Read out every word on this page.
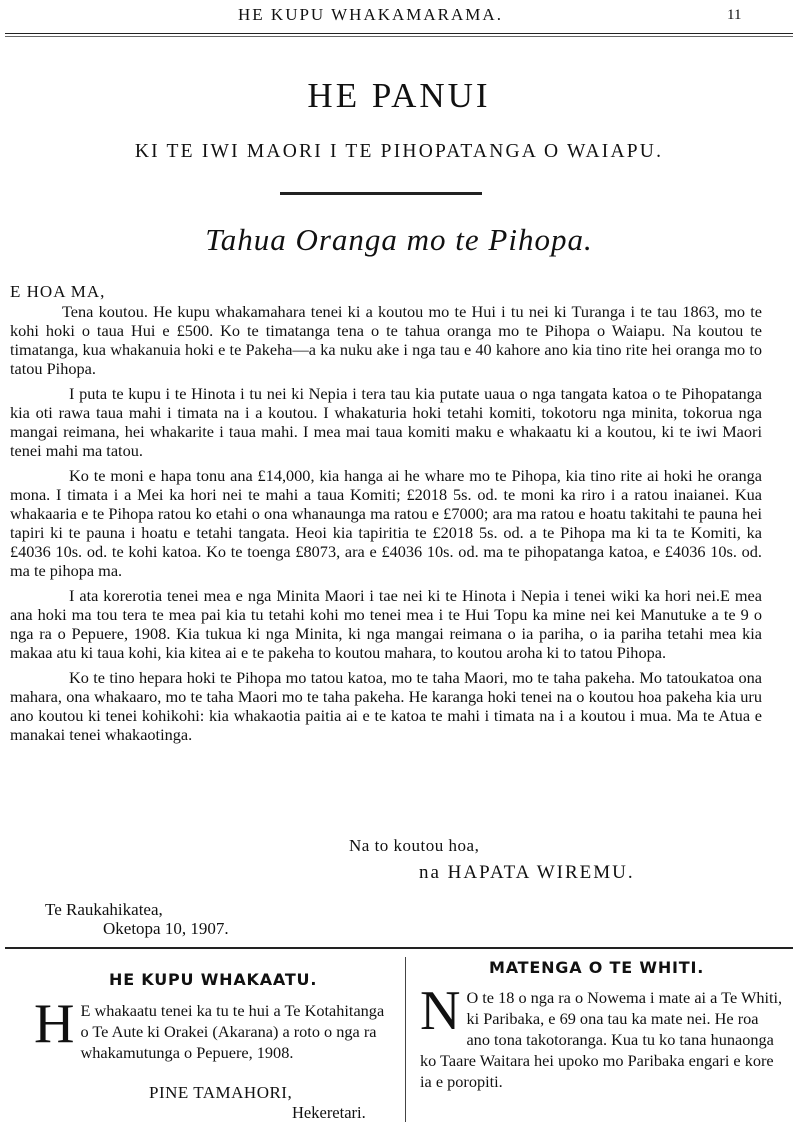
HE KUPU WHAKAMARAMA.	11
HE PANUI
KI TE IWI MAORI I TE PIHOPATANGA O WAIAPU.
Tahua Oranga mo te Pihopa.
E HOA MA,

Tena koutou. He kupu whakamahara tenei ki a koutou mo te Hui i tu nei ki Turanga i te tau 1863, mo te kohi hoki o taua Hui e £500. Ko te timatanga tena o te tahua oranga mo te Pihopa o Waiapu. Na koutou te timatanga, kua whakanuia hoki e te Pakeha—a ka nuku ake i nga tau e 40 kahore ano kia tino rite hei oranga mo to tatou Pihopa.

I puta te kupu i te Hinota i tu nei ki Nepia i tera tau kia putate uaua o nga tangata katoa o te Pihopatanga kia oti rawa taua mahi i timata na i a koutou. I whakaturia hoki tetahi komiti, tokotoru nga minita, tokorua nga mangai reimana, hei whakarite i taua mahi. I mea mai taua komiti maku e whakaatu ki a koutou, ki te iwi Maori tenei mahi ma tatou.

Ko te moni e hapa tonu ana £14,000, kia hanga ai he whare mo te Pihopa, kia tino rite ai hoki he oranga mona. I timata i a Mei ka hori nei te mahi a taua Komiti; £2018 5s. od. te moni ka riro i a ratou inaianei. Kua whakaaria e te Pihopa ratou ko etahi o ona whanaunga ma ratou e £7000; ara ma ratou e hoatu takitahi te pauna hei tapiri ki te pauna i hoatu e tetahi tangata. Heoi kia tapiritia te £2018 5s. od. a te Pihopa ma ki ta te Komiti, ka £4036 10s. od. te kohi katoa. Ko te toenga £8073, ara e £4036 10s. od. ma te pihopatanga katoa, e £4036 10s. od. ma te pihopa ma.

I ata korerotia tenei mea e nga Minita Maori i tae nei ki te Hinota i Nepia i tenei wiki ka hori nei.E mea ana hoki ma tou tera te mea pai kia tu tetahi kohi mo tenei mea i te Hui Topu ka mine nei kei Manutuke a te 9 o nga ra o Pepuere, 1908. Kia tukua ki nga Minita, ki nga mangai reimana o ia pariha, o ia pariha tetahi mea kia makaa atu ki taua kohi, kia kitea ai e te pakeha to koutou mahara, to koutou aroha ki to tatou Pihopa.

Ko te tino hepara hoki te Pihopa mo tatou katoa, mo te taha Maori, mo te taha pakeha. Mo tatoukatoa ona mahara, ona whakaaro, mo te taha Maori mo te taha pakeha. He karanga hoki tenei na o koutou hoa pakeha kia uru ano koutou ki tenei kohikohi: kia whakaotia paitia ai e te katoa te mahi i timata na i a koutou i mua. Ma te Atua e manakai tenei whakaotinga.

Na to koutou hoa,
na HAPATA WIREMU.
Te Raukahikatea,
Oketopa 10, 1907.
HE KUPU WHAKAATU.
H E whakaatu tenei ka tu te hui a Te Kotahitanga o Te Aute ki Orakei (Akarana) a roto o nga ra whakamutunga o Pepuere, 1908.
PINE TAMAHORI,
Hekeretari.
MATENGA O TE WHITI.
N O te 18 o nga ra o Nowema i mate ai a Te Whiti, ki Paribaka, e 69 ona tau ka mate nei. He roa ano tona takotoranga. Kua tu ko tana hunaonga ko Taare Waitara hei upoko mo Paribaka engari e kore ia e poropiti.
